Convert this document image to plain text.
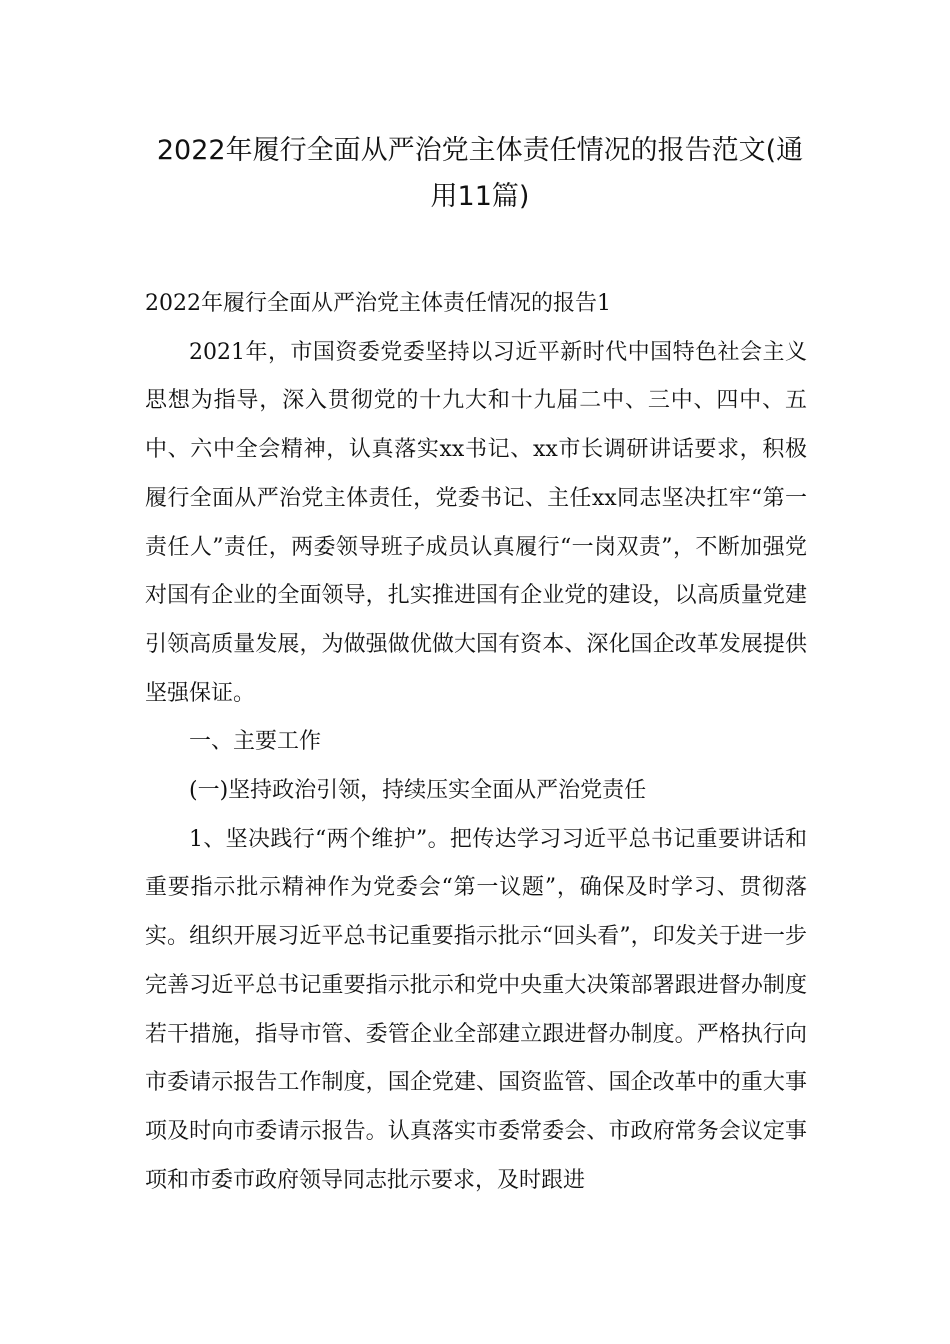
2022年履行全面从严治党主体责任情况的报告范文(通
用11篇)

2022年履行全面从严治党主体责任情况的报告1

2021年，市国资委党委坚持以习近平新时代中国特色社会主义思想为指导，深入贯彻党的十九大和十九届二中、三中、四中、五中、六中全会精神，认真落实xx书记、xx市长调研讲话要求，积极履行全面从严治党主体责任，党委书记、主任xx同志坚决扛牢“第一责任人”责任，两委领导班子成员认真履行“一岗双责”，不断加强党对国有企业的全面领导，扎实推进国有企业党的建设，以高质量党建引领高质量发展，为做强做优做大国有资本、深化国企改革发展提供坚强保证。

一、主要工作

(一)坚持政治引领，持续压实全面从严治党责任

1、坚决践行“两个维护”。把传达学习习近平总书记重要讲话和重要指示批示精神作为党委会“第一议题”，确保及时学习、贯彻落实。组织开展习近平总书记重要指示批示“回头看”，印发关于进一步完善习近平总书记重要指示批示和党中央重大决策部署跟进督办制度若干措施，指导市管、委管企业全部建立跟进督办制度。严格执行向市委请示报告工作制度，国企党建、国资监管、国企改革中的重大事项及时向市委请示报告。认真落实市委常委会、市政府常务会议定事项和市委市政府领导同志批示要求，及时跟进
